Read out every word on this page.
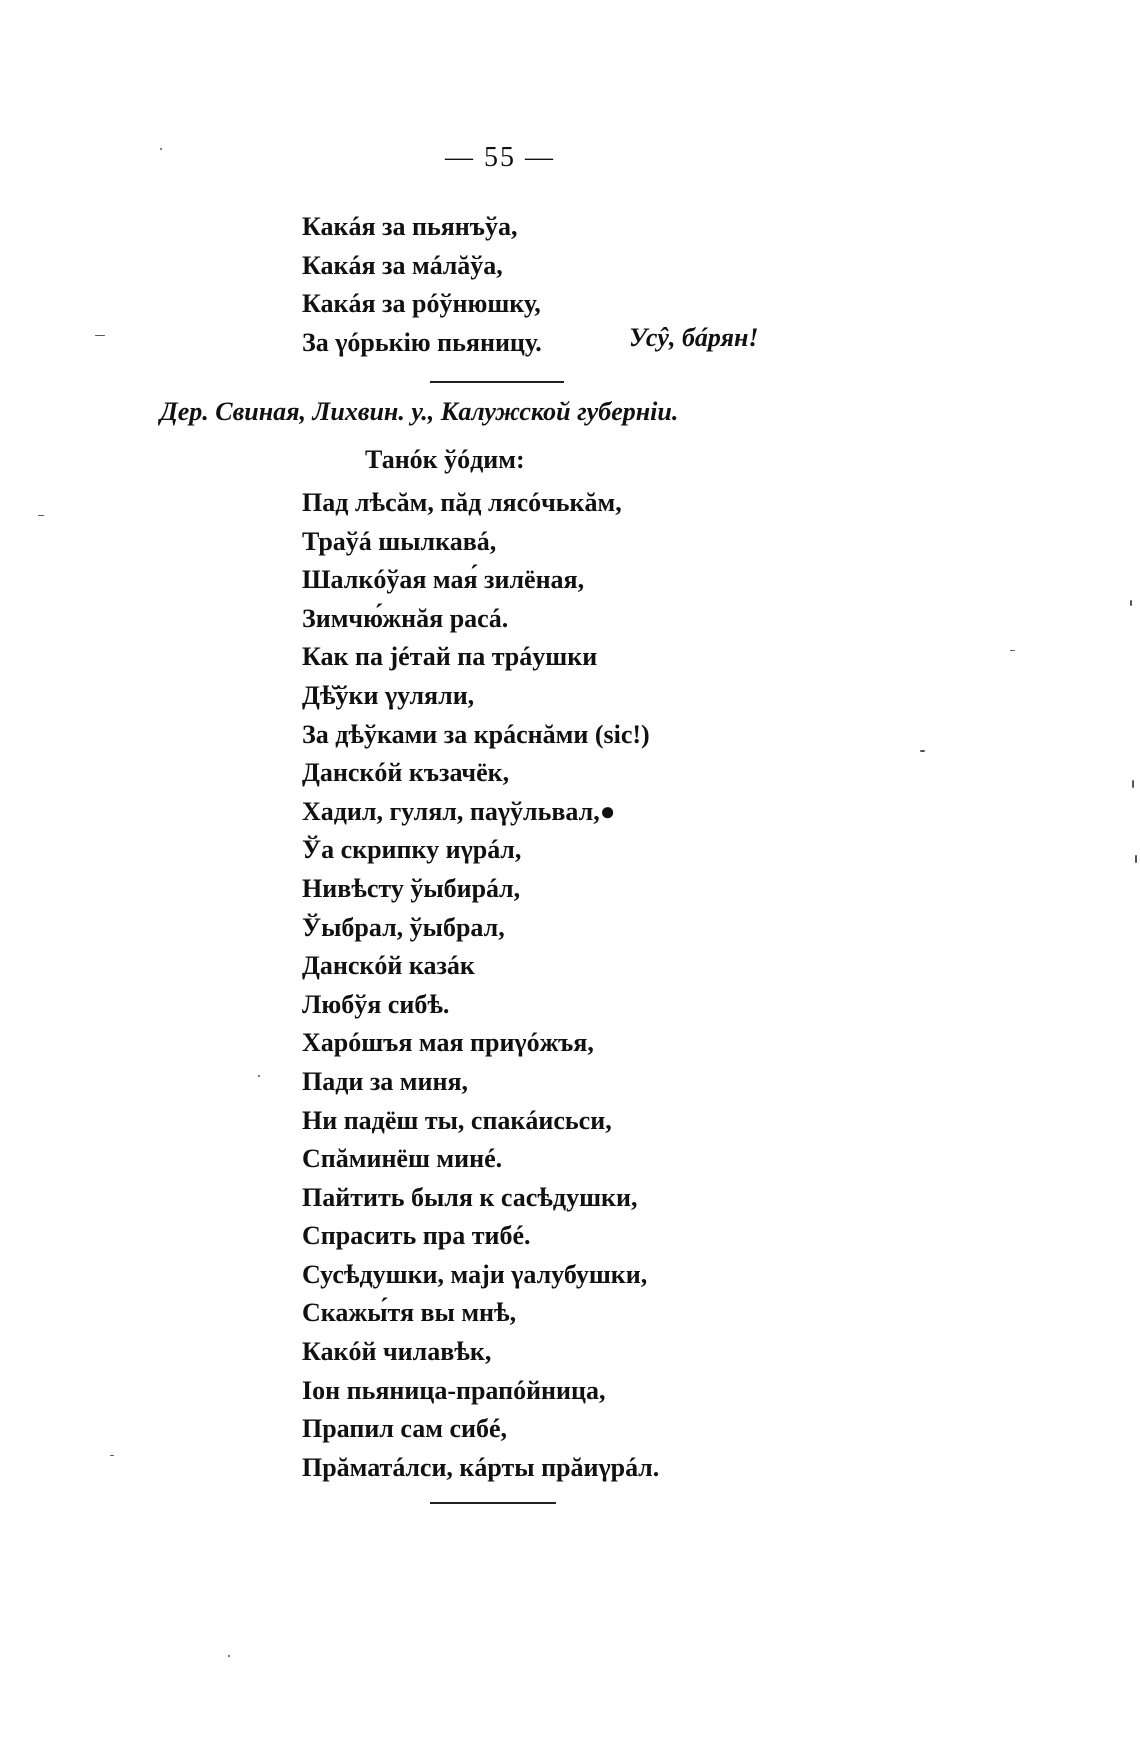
— 55 —
Какáя за пьянъўа,
Какáя за мáлăўа,
Какáя за рóўнюшку,
За γóрькію пьяницу.	Усŷ, бáрян!
Дер. Свиная, Лихвин. у., Калужской губерніи.
Танóк ўóдим:
Пад лѣсăм, пăд лясóчькăм,
Траўá шылкавá,
Шалкóўая мая́ зилёная,
Зимчю́жнăя расá.
Как па јéтай па трáушки
Дѣ̆ўки γуляли,
За дѣўками за крáснăми (sic!)
Данскóй къзачёк,
Хадил, гулял, паγўльвал,●
Ўа скрипку иγрáл,
Нивѣсту ўыбирáл,
Ўыбрал, ўыбрал,
Данскóй казáк
Любўя сибѣ.
Харóшъя мая приγóжъя,
Пади за миня,
Ни падёш ты, спакáисьси,
Спăминёш минé.
Пайтить быля к сасѣдушки,
Спрасить пра тибé.
Сусѣдушки, маји γалубушки,
Скажы́тя вы мнѣ,
Какóй чилавѣк,
Іон пьяница-прапóйница,
Прапил сам сибé,
Прăматáлси, кáрты прăиγрáл.
